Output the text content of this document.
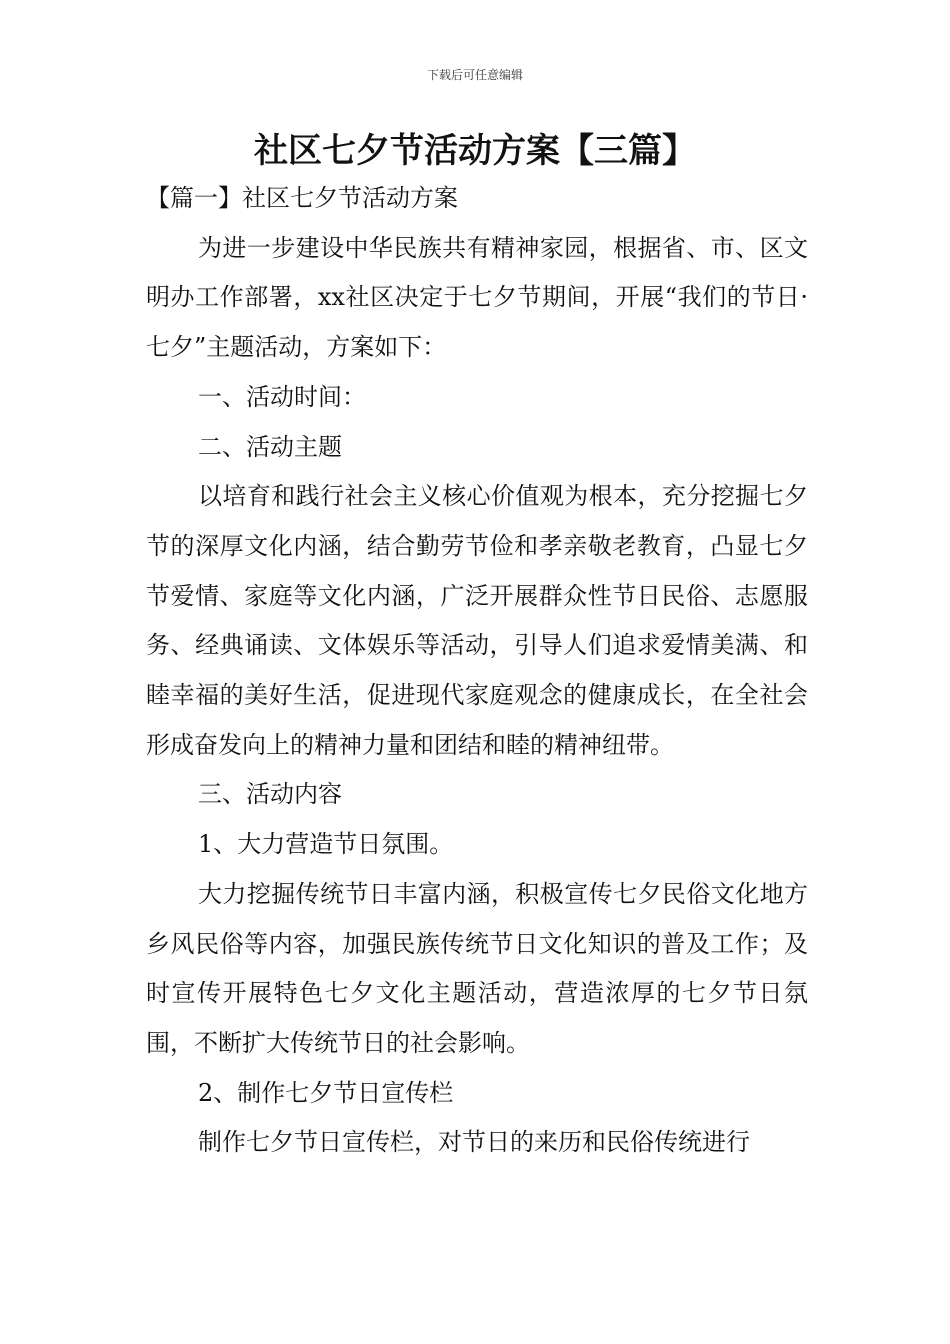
下载后可任意编辑
社区七夕节活动方案【三篇】

【篇一】社区七夕节活动方案

为进一步建设中华民族共有精神家园，根据省、市、区文明办工作部署，xx社区决定于七夕节期间，开展“我们的节日·七夕”主题活动，方案如下：

一、活动时间：

二、活动主题

以培育和践行社会主义核心价值观为根本，充分挖掘七夕节的深厚文化内涵，结合勤劳节俭和孝亲敬老教育，凸显七夕节爱情、家庭等文化内涵，广泛开展群众性节日民俗、志愿服务、经典诵读、文体娱乐等活动，引导人们追求爱情美满、和睦幸福的美好生活，促进现代家庭观念的健康成长，在全社会形成奋发向上的精神力量和团结和睦的精神纽带。

三、活动内容

1、大力营造节日氛围。

大力挖掘传统节日丰富内涵，积极宣传七夕民俗文化地方乡风民俗等内容，加强民族传统节日文化知识的普及工作；及时宣传开展特色七夕文化主题活动，营造浓厚的七夕节日氛围，不断扩大传统节日的社会影响。

2、制作七夕节日宣传栏

制作七夕节日宣传栏，对节日的来历和民俗传统进行
